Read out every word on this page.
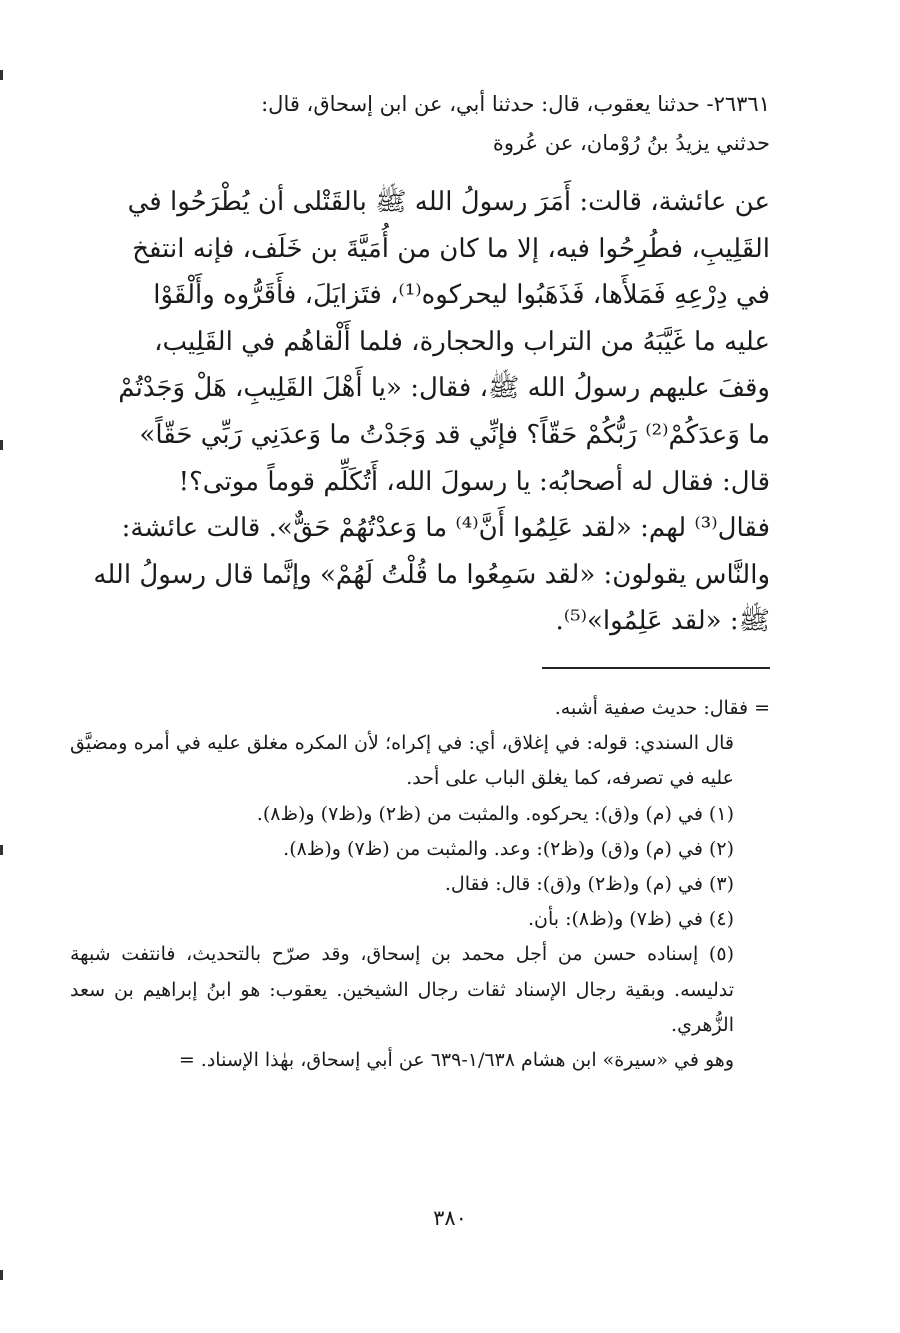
٢٦٣٦١- حدثنا يعقوب، قال: حدثنا أبي، عن ابن إسحاق، قال:

حدثني يزيدُ بنُ رُوْمان، عن عُروة

عن عائشة، قالت: أَمَرَ رسولُ الله ﷺ بالقَتْلى أن يُطْرَحُوا في

القَلِيبِ، فطُرِحُوا فيه، إلا ما كان من أُمَيَّةَ بن خَلَف، فإنه انتفخ

في دِرْعِهِ فَمَلأَها، فَذَهَبُوا ليحركوه⁽¹⁾، فتَزايَلَ، فأَقَرُّوه وأَلْقَوْا

عليه ما غَيَّبَهُ من التراب والحجارة، فلما أَلْقاهُم في القَلِيب،

وقفَ عليهم رسولُ الله ﷺ، فقال: «يا أَهْلَ القَلِيبِ، هَلْ وَجَدْتُمْ

ما وَعدَكُمْ⁽²⁾ رَبُّكُمْ حَقّاً؟ فإنِّي قد وَجَدْتُ ما وَعدَنِي رَبِّي حَقّاً»

قال: فقال له أصحابُه: يا رسولَ الله، أَتُكَلِّم قوماً موتى؟!

فقال⁽³⁾ لهم: «لقد عَلِمُوا أَنَّ⁽⁴⁾ ما وَعدْتُهُمْ حَقٌّ». قالت عائشة:

والنَّاس يقولون: «لقد سَمِعُوا ما قُلْتُ لَهُمْ» وإنَّما قال رسولُ الله

ﷺ: «لقد عَلِمُوا»⁽⁵⁾.

= فقال: حديث صفية أشبه.

قال السندي: قوله: في إغلاق، أي: في إكراه؛ لأن المكره مغلق عليه في أمره ومضيَّق عليه في تصرفه، كما يغلق الباب على أحد.

(١) في (م) و(ق): يحركوه. والمثبت من (ظ٢) و(ظ٧) و(ظ٨).

(٢) في (م) و(ق) و(ظ٢): وعد. والمثبت من (ظ٧) و(ظ٨).

(٣) في (م) و(ظ٢) و(ق): قال: فقال.

(٤) في (ظ٧) و(ظ٨): بأن.

(٥) إسناده حسن من أجل محمد بن إسحاق، وقد صرّح بالتحديث، فانتفت شبهة تدليسه. وبقية رجال الإسناد ثقات رجال الشيخين. يعقوب: هو ابنُ إبراهيم بن سعد الزُّهري.

وهو في «سيرة» ابن هشام ١/٦٣٨-٦٣٩ عن أبي إسحاق، بهٰذا الإسناد. =

٣٨٠
